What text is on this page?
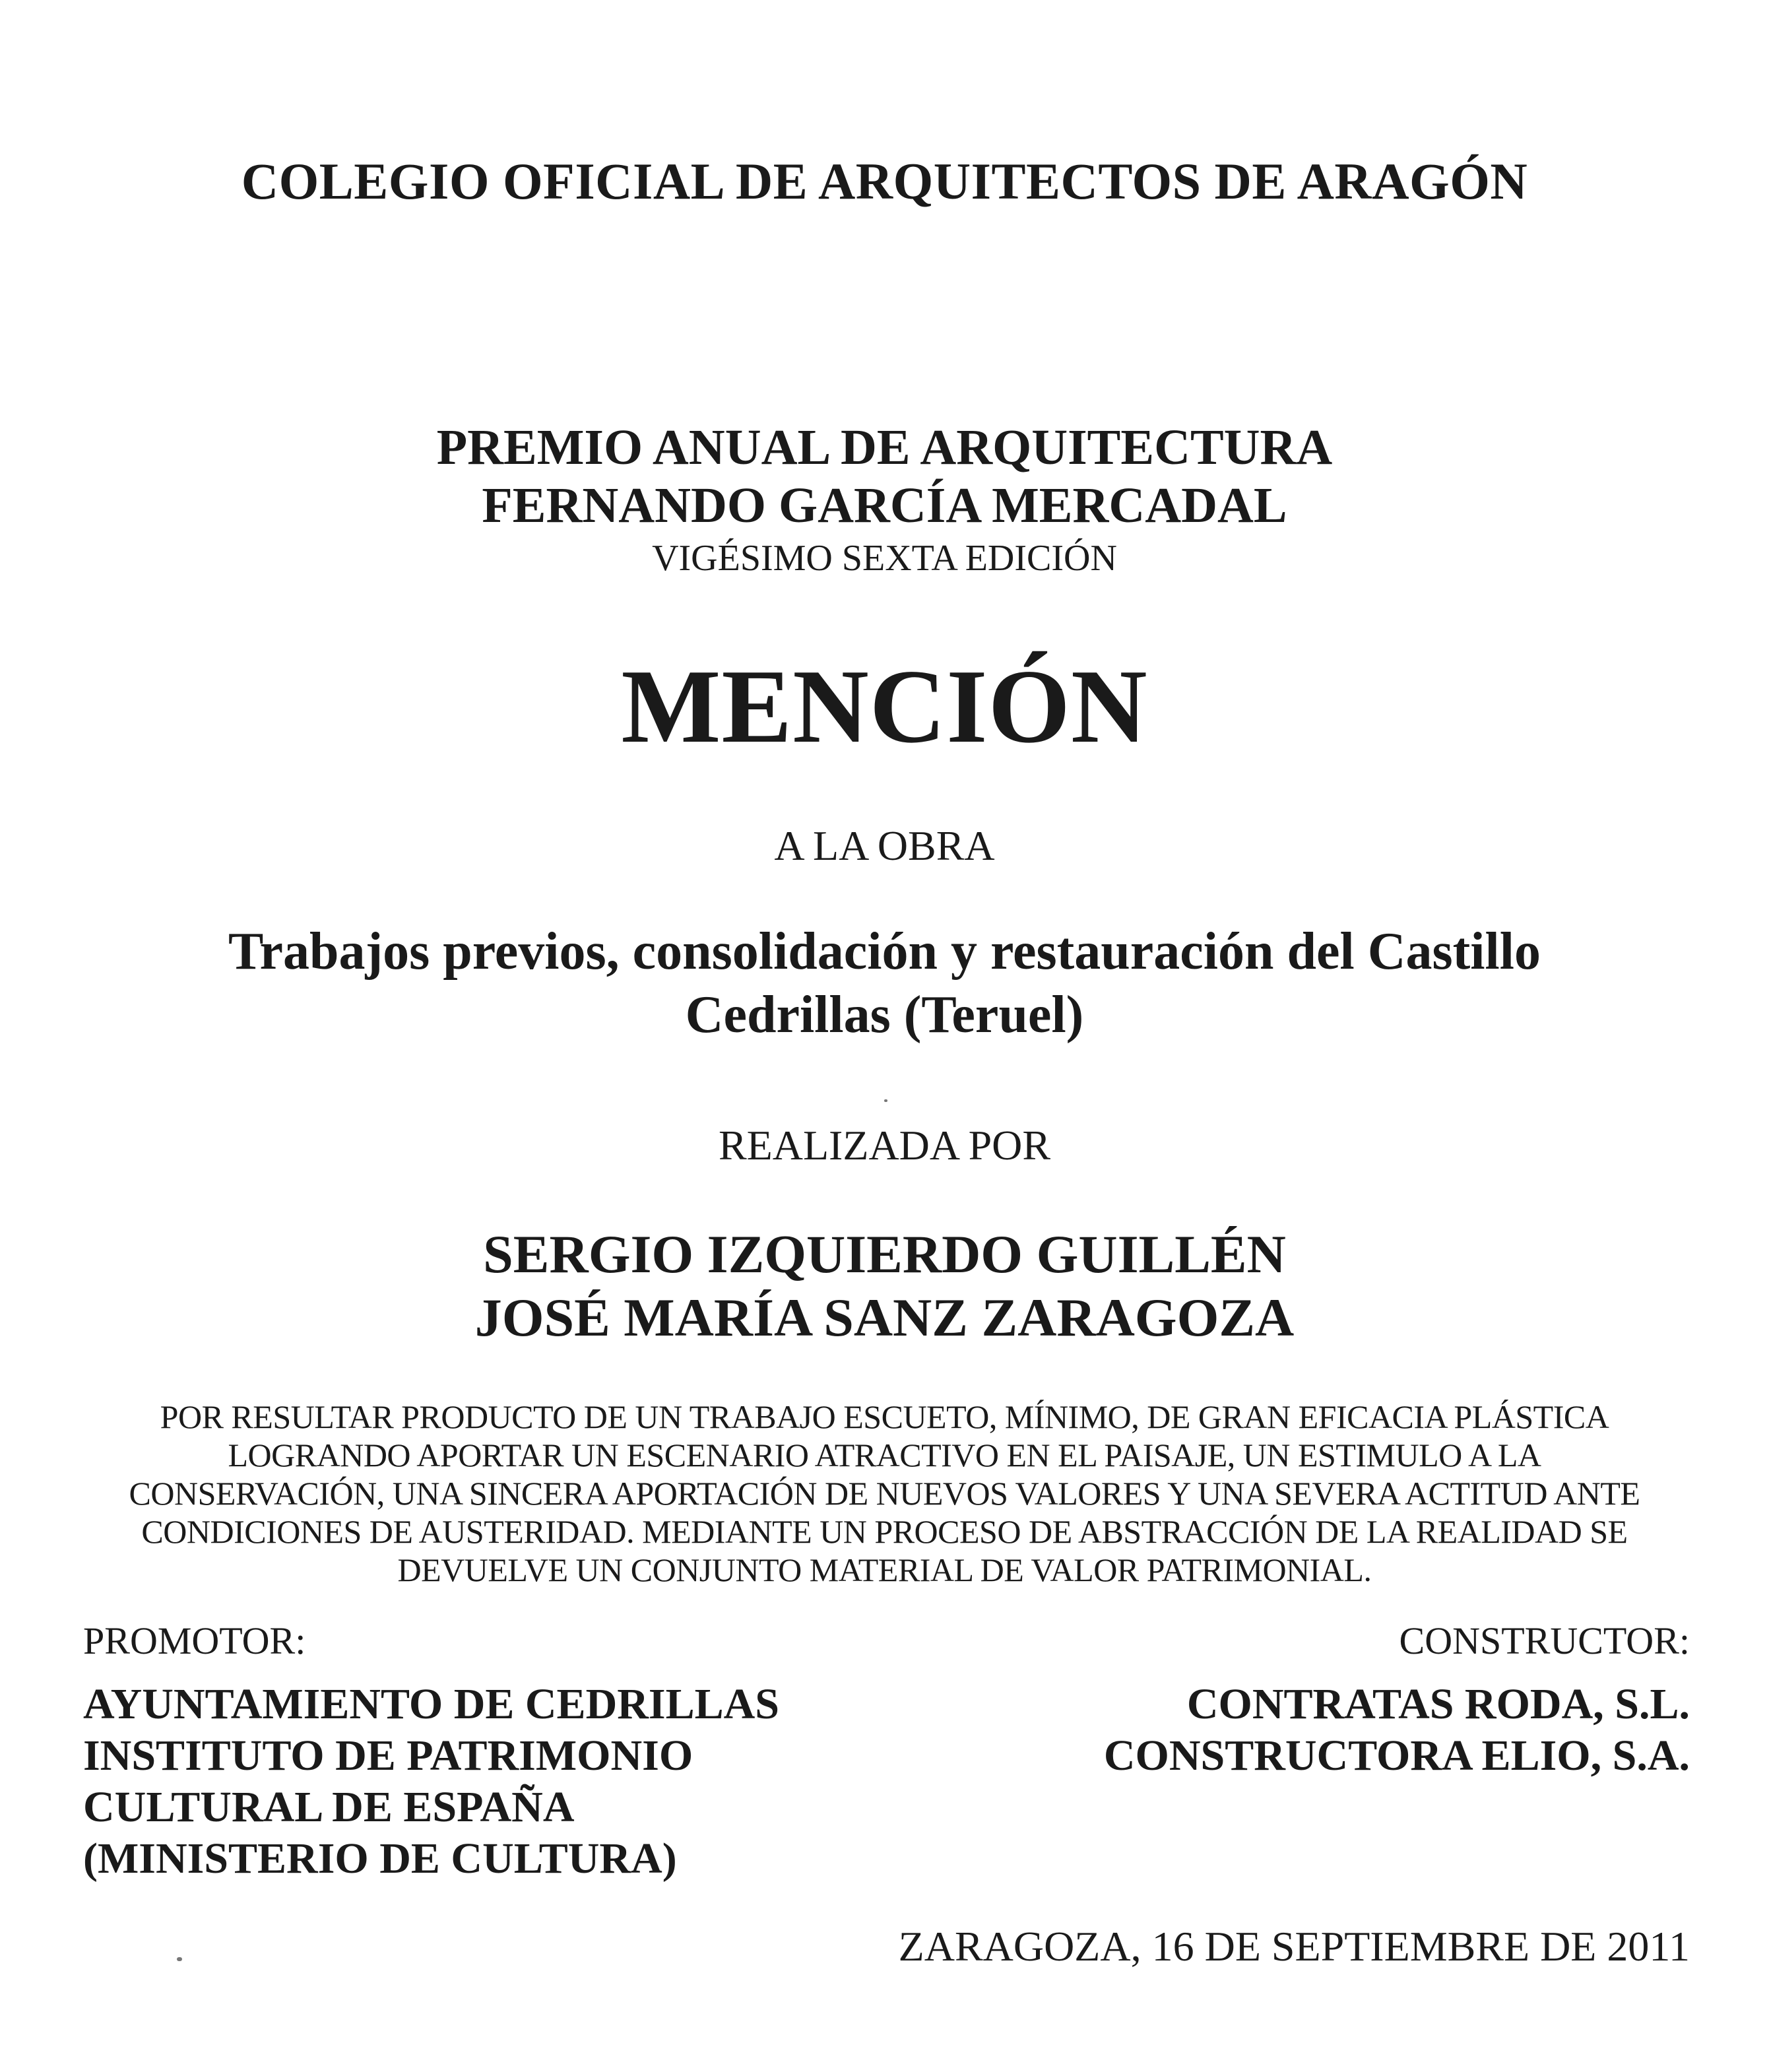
COLEGIO OFICIAL DE ARQUITECTOS DE ARAGÓN
PREMIO ANUAL DE ARQUITECTURA
FERNANDO GARCÍA MERCADAL
VIGÉSIMO SEXTA EDICIÓN
MENCIÓN
A LA OBRA
Trabajos previos, consolidación y restauración del Castillo
Cedrillas (Teruel)
REALIZADA POR
SERGIO IZQUIERDO GUILLÉN
JOSÉ MARÍA SANZ ZARAGOZA
POR RESULTAR PRODUCTO DE UN TRABAJO ESCUETO, MÍNIMO, DE GRAN EFICACIA PLÁSTICA
LOGRANDO APORTAR UN ESCENARIO ATRACTIVO EN EL PAISAJE, UN ESTIMULO A LA
CONSERVACIÓN, UNA SINCERA APORTACIÓN DE NUEVOS VALORES Y UNA SEVERA ACTITUD ANTE
CONDICIONES DE AUSTERIDAD. MEDIANTE UN PROCESO DE ABSTRACCIÓN DE LA REALIDAD SE
DEVUELVE UN CONJUNTO MATERIAL DE VALOR PATRIMONIAL.
PROMOTOR:
AYUNTAMIENTO DE CEDRILLAS
INSTITUTO DE PATRIMONIO
CULTURAL DE ESPAÑA
(MINISTERIO DE CULTURA)
CONSTRUCTOR:
CONTRATAS RODA, S.L.
CONSTRUCTORA ELIO, S.A.
ZARAGOZA, 16 DE SEPTIEMBRE DE 2011
